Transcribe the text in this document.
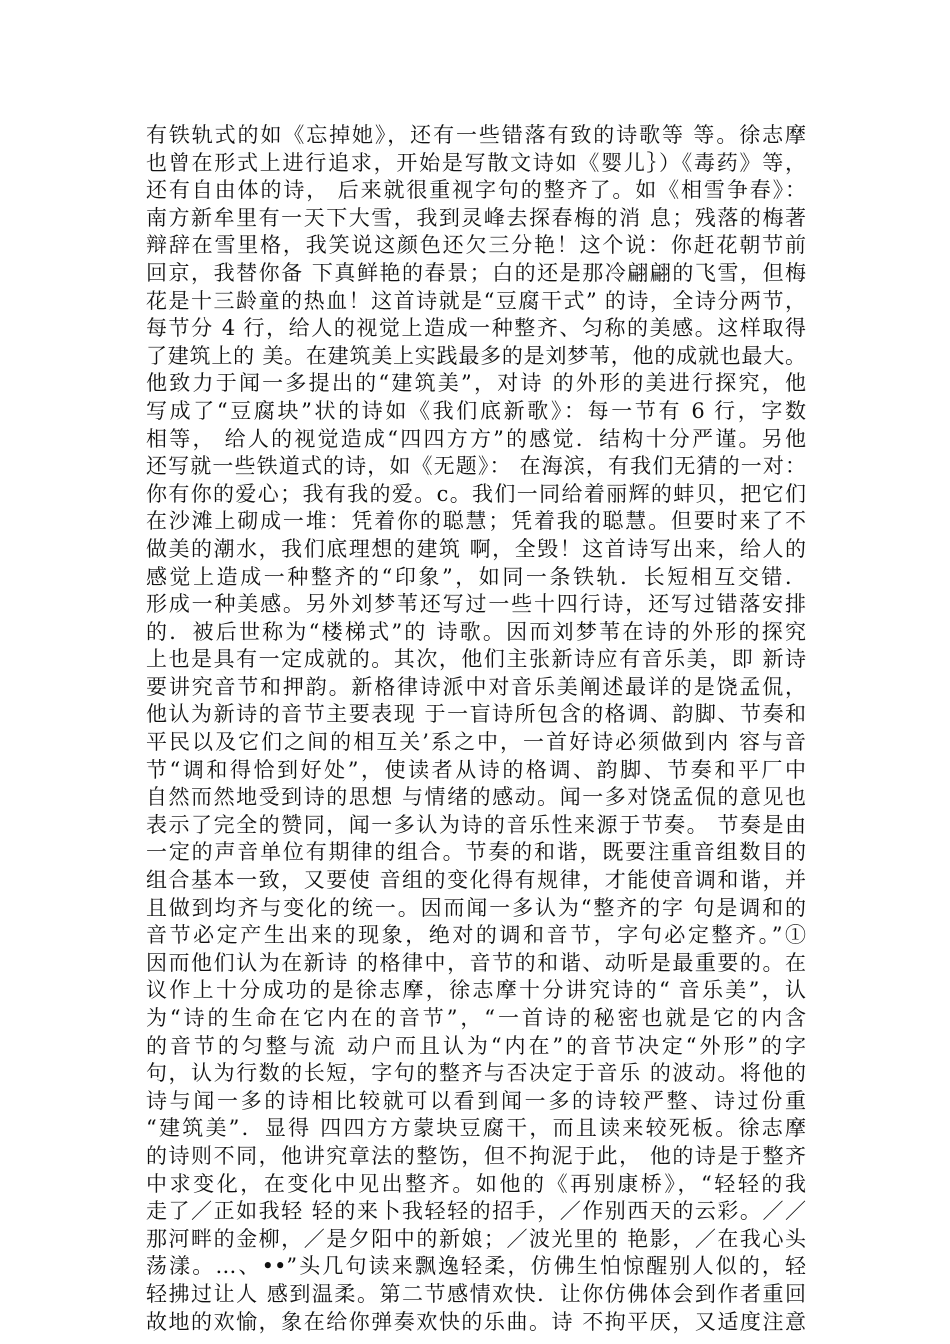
有铁轨式的如《忘掉她》，还有一些错落有致的诗歌等 等。徐志摩
也曾在形式上进行追求，开始是写散文诗如《婴儿｝）《毒药》等，
还有自由体的诗， 后来就很重视字句的整齐了。如《相雪争春》：
南方新牟里有一天下大雪，我到灵峰去探春梅的消 息；残落的梅著
辩辞在雪里格，我笑说这颜色还欠三分艳！这个说：你赶花朝节前
回京，我替你备 下真鲜艳的春景；白的还是那冷翩翩的飞雪，但梅
花是十三龄童的热血！这首诗就是“豆腐干式” 的诗，全诗分两节，
每节分 4 行，给人的视觉上造成一种整齐、匀称的美感。这样取得
了建筑上的 美。在建筑美上实践最多的是刘梦苇，他的成就也最大。
他致力于闻一多提出的“建筑美”，对诗 的外形的美进行探究，他
写成了“豆腐块”状的诗如《我们底新歌》：每一节有 6 行，字数
相等， 给人的视觉造成“四四方方”的感觉．结构十分严谨。另他
还写就一些铁道式的诗，如《无题》： 在海滨，有我们无猜的一对：
你有你的爱心；我有我的爱。c。我们一同给着丽辉的蚌贝，把它们
在沙滩上砌成一堆：凭着你的聪慧；凭着我的聪慧。但要时来了不
做美的潮水，我们底理想的建筑 啊，全毁！这首诗写出来，给人的
感觉上造成一种整齐的“印象”，如同一条铁轨．长短相互交错．
形成一种美感。另外刘梦苇还写过一些十四行诗，还写过错落安排
的．被后世称为“楼梯式”的 诗歌。因而刘梦苇在诗的外形的探究
上也是具有一定成就的。其次，他们主张新诗应有音乐美，即 新诗
要讲究音节和押韵。新格律诗派中对音乐美阐述最详的是饶孟侃，
他认为新诗的音节主要表现 于一盲诗所包含的格调、韵脚、节奏和
平民以及它们之间的相互关’系之中，一首好诗必须做到内 容与音
节“调和得恰到好处”，使读者从诗的格调、韵脚、节奏和平厂中
自然而然地受到诗的思想 与情绪的感动。闻一多对饶孟侃的意见也
表示了完全的赞同，闻一多认为诗的音乐性来源于节奏。 节奏是由
一定的声音单位有期律的组合。节奏的和谐，既要注重音组数目的
组合基本一致，又要使 音组的变化得有规律，才能使音调和谐，并
且做到均齐与变化的统一。因而闻一多认为“整齐的字 句是调和的
音节必定产生出来的现象，绝对的调和音节，字句必定整齐。”①
因而他们认为在新诗 的格律中，音节的和谐、动听是最重要的。在
议作上十分成功的是徐志摩，徐志摩十分讲究诗的“ 音乐美”，认
为“诗的生命在它内在的音节”，“一首诗的秘密也就是它的内含
的音节的匀整与流 动户而且认为“内在”的音节决定“外形”的字
句，认为行数的长短，字句的整齐与否决定于音乐 的波动。将他的
诗与闻一多的诗相比较就可以看到闻一多的诗较严整、诗过份重
“建筑美”．显得 四四方方蒙块豆腐干，而且读来较死板。徐志摩
的诗则不同，他讲究章法的整饬，但不拘泥于此， 他的诗是于整齐
中求变化，在变化中见出整齐。如他的《再别康桥》，“轻轻的我
走了／正如我轻 轻的来卜我轻轻的招手，／作别西天的云彩。／／
那河畔的金柳，／是夕阳中的新娘；／波光里的 艳影，／在我心头
荡漾。…、••”头几句读来飘逸轻柔，仿佛生怕惊醒别人似的，轻
轻拂过让人 感到温柔。第二节感情欢快．让你仿佛体会到作者重回
故地的欢愉，象在给你弹奏欢快的乐曲。诗 不拘平厌，又适度注意
